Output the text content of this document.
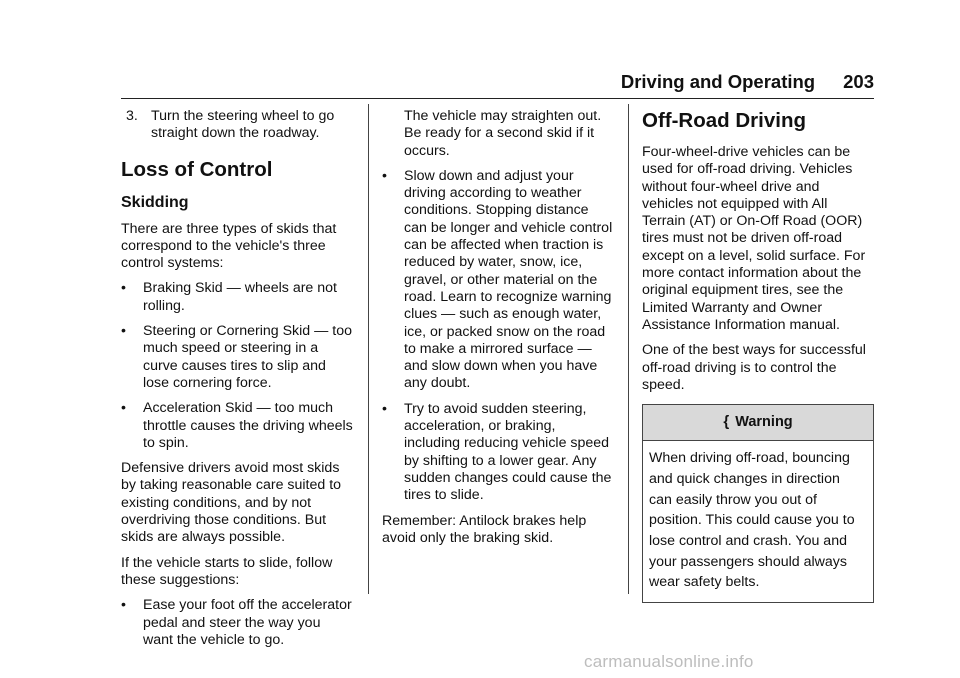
Driving and Operating 203
3. Turn the steering wheel to go straight down the roadway.
Loss of Control
Skidding

There are three types of skids that correspond to the vehicle's three control systems:

•	Braking Skid — wheels are not rolling.
•	Steering or Cornering Skid — too much speed or steering in a curve causes tires to slip and lose cornering force.
•	Acceleration Skid — too much throttle causes the driving wheels to spin.

Defensive drivers avoid most skids by taking reasonable care suited to existing conditions, and by not overdriving those conditions. But skids are always possible.

If the vehicle starts to slide, follow these suggestions:

•	Ease your foot off the accelerator pedal and steer the way you want the vehicle to go.
The vehicle may straighten out. Be ready for a second skid if it occurs.
•	Slow down and adjust your driving according to weather conditions. Stopping distance can be longer and vehicle control can be affected when traction is reduced by water, snow, ice, gravel, or other material on the road. Learn to recognize warning clues — such as enough water, ice, or packed snow on the road to make a mirrored surface — and slow down when you have any doubt.
•	Try to avoid sudden steering, acceleration, or braking, including reducing vehicle speed by shifting to a lower gear. Any sudden changes could cause the tires to slide.

Remember: Antilock brakes help avoid only the braking skid.

Off-Road Driving

Four-wheel-drive vehicles can be used for off-road driving. Vehicles without four-wheel drive and vehicles not equipped with All Terrain (AT) or On-Off Road (OOR) tires must not be driven off-road except on a level, solid surface. For more contact information about the original equipment tires, see the Limited Warranty and Owner Assistance Information manual.

One of the best ways for successful off-road driving is to control the speed.

{ Warning
When driving off-road, bouncing and quick changes in direction can easily throw you out of position. This could cause you to lose control and crash. You and your passengers should always wear safety belts.
carmanualsonline.info
